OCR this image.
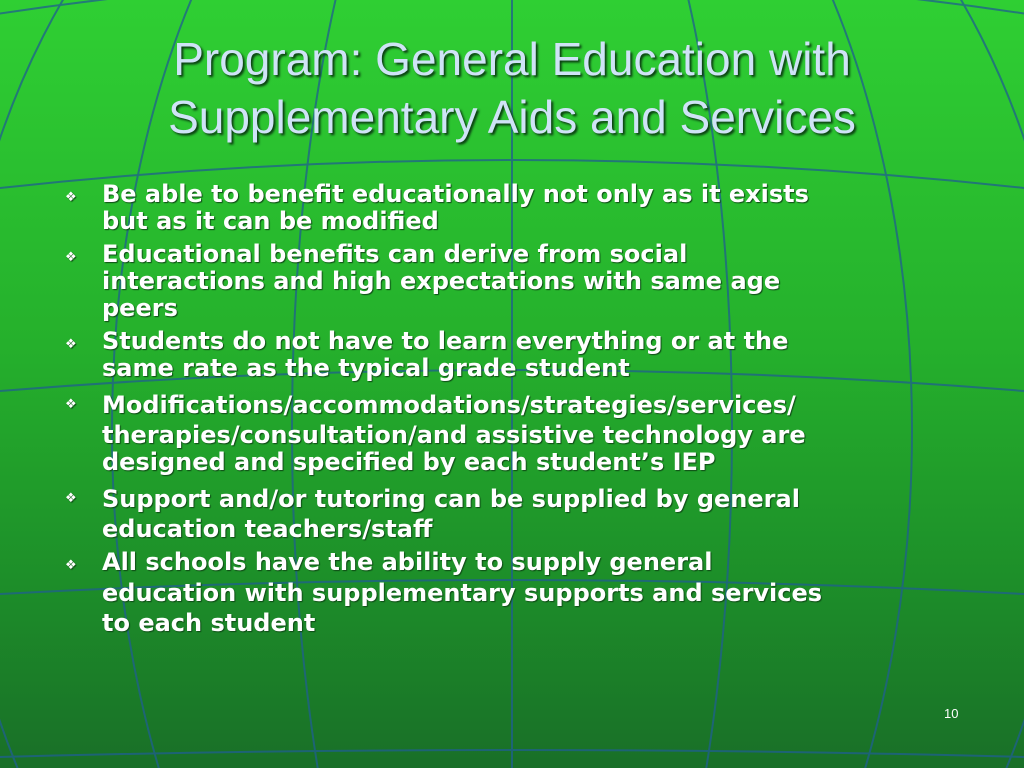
Program: General Education with
Supplementary Aids and Services
❖ Be able to benefit educationally not only as it exists
but as it can be modified
❖ Educational benefits can derive from social
interactions and high expectations with same age
peers
❖ Students do not have to learn everything or at the
same rate as the typical grade student
❖ Modifications/accommodations/strategies/services/
therapies/consultation/and assistive technology are
designed and specified by each student’s IEP
❖ Support and/or tutoring can be supplied by general
education teachers/staff
❖ All schools have the ability to supply general
education with supplementary supports and services
to each student
10
